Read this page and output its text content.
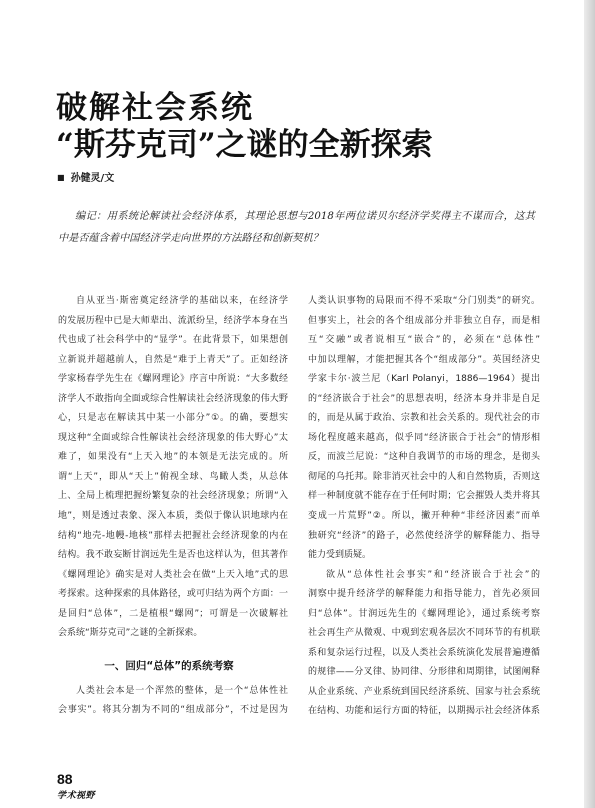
破解社会系统
“斯芬克司”之谜的全新探索
■ 孙健灵/文
编记：用系统论解读社会经济体系，其理论思想与2018年两位诺贝尔经济学奖得主不谋而合，这其
中是否蕴含着中国经济学走向世界的方法路径和创新契机？
自从亚当·斯密奠定经济学的基础以来，在经济学
的发展历程中已是大师辈出、流派纷呈，经济学本身在当
代也成了社会科学中的“显学”。在此背景下，如果想创
立新说并超越前人，自然是“难于上青天”了。正如经济
学家杨春学先生在《螺网理论》序言中所说：“大多数经
济学人不敢指向全面或综合性解读社会经济现象的伟大野
心，只是志在解读其中某一小部分”①。的确，要想实
现这种“全面或综合性解读社会经济现象的伟大野心”太
难了，如果没有“上天入地”的本领是无法完成的。所
谓“上天”，即从“天上”俯视全球、鸟瞰人类，从总体
上、全局上梳理把握纷繁复杂的社会经济现象；所谓“入
地”，则是透过表象、深入本质，类似于像认识地球内在
结构“地壳-地幔-地核”那样去把握社会经济现象的内在
结构。我不敢妄断甘润远先生是否也这样认为，但其著作
《螺网理论》确实是对人类社会在做“上天入地”式的思
考探索。这种探索的具体路径，或可归结为两个方面：一
是回归“总体”，二是植根“螺网”；可谓是一次破解社
会系统“斯芬克司”之谜的全新探索。
一、回归“总体”的系统考察
人类社会本是一个浑然的整体，是一个“总体性社
会事实”。将其分割为不同的“组成部分”，不过是因为
人类认识事物的局限而不得不采取“分门别类”的研究。
但事实上，社会的各个组成部分并非独立自存，而是相
互“交融”或者说相互“嵌合”的，必须在“总体性”
中加以理解，才能把握其各个“组成部分”。英国经济史
学家卡尔·波兰尼（Karl Polanyi，1886—1964）提出
的“经济嵌合于社会”的思想表明，经济本身并非是自足
的，而是从属于政治、宗教和社会关系的。现代社会的市
场化程度越来越高，似乎同“经济嵌合于社会”的情形相
反，而波兰尼说：“这种自我调节的市场的理念，是彻头
彻尾的乌托邦。除非消灭社会中的人和自然物质，否则这
样一种制度就不能存在于任何时期；它会摧毁人类并将其
变成一片荒野”②。所以，撇开种种“非经济因素”而单
独研究“经济”的路子，必然使经济学的解释能力、指导
能力受到质疑。
欲从“总体性社会事实”和“经济嵌合于社会”的
洞察中提升经济学的解释能力和指导能力，首先必须回
归“总体”。甘润远先生的《螺网理论》，通过系统考察
社会再生产从微观、中观到宏观各层次不同环节的有机联
系和复杂运行过程，以及人类社会系统演化发展普遍遵循
的规律——分叉律、协同律、分形律和周期律，试图阐释
从企业系统、产业系统到国民经济系统、国家与社会系统
在结构、功能和运行方面的特征，以期揭示社会经济体系
88
学术视野
